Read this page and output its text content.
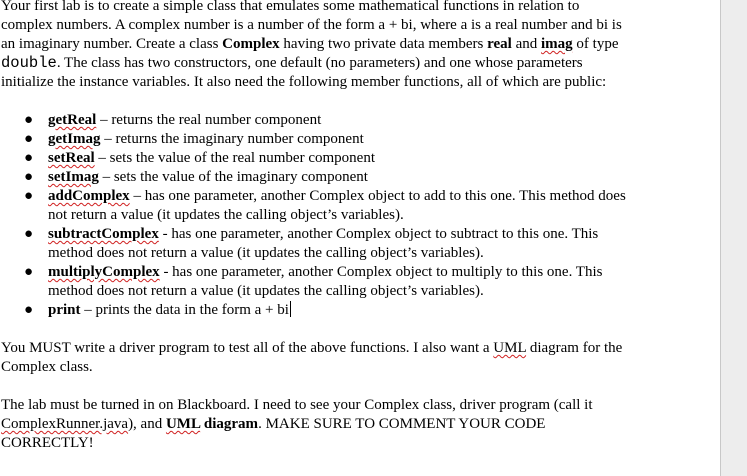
Your first lab is to create a simple class that emulates some mathematical functions in relation to complex numbers. A complex number is a number of the form a + bi, where a is a real number and bi is an imaginary number. Create a class Complex having two private data members real and imag of type double. The class has two constructors, one default (no parameters) and one whose parameters initialize the instance variables. It also need the following member functions, all of which are public:

● getReal – returns the real number component
● getImag – returns the imaginary number component
● setReal – sets the value of the real number component
● setImag – sets the value of the imaginary component
● addComplex – has one parameter, another Complex object to add to this one. This method does not return a value (it updates the calling object’s variables).
● subtractComplex - has one parameter, another Complex object to subtract to this one. This method does not return a value (it updates the calling object’s variables).
● multiplyComplex - has one parameter, another Complex object to multiply to this one. This method does not return a value (it updates the calling object’s variables).
● print – prints the data in the form a + bi

You MUST write a driver program to test all of the above functions. I also want a UML diagram for the Complex class.

The lab must be turned in on Blackboard. I need to see your Complex class, driver program (call it ComplexRunner.java), and UML diagram. MAKE SURE TO COMMENT YOUR CODE CORRECTLY!
